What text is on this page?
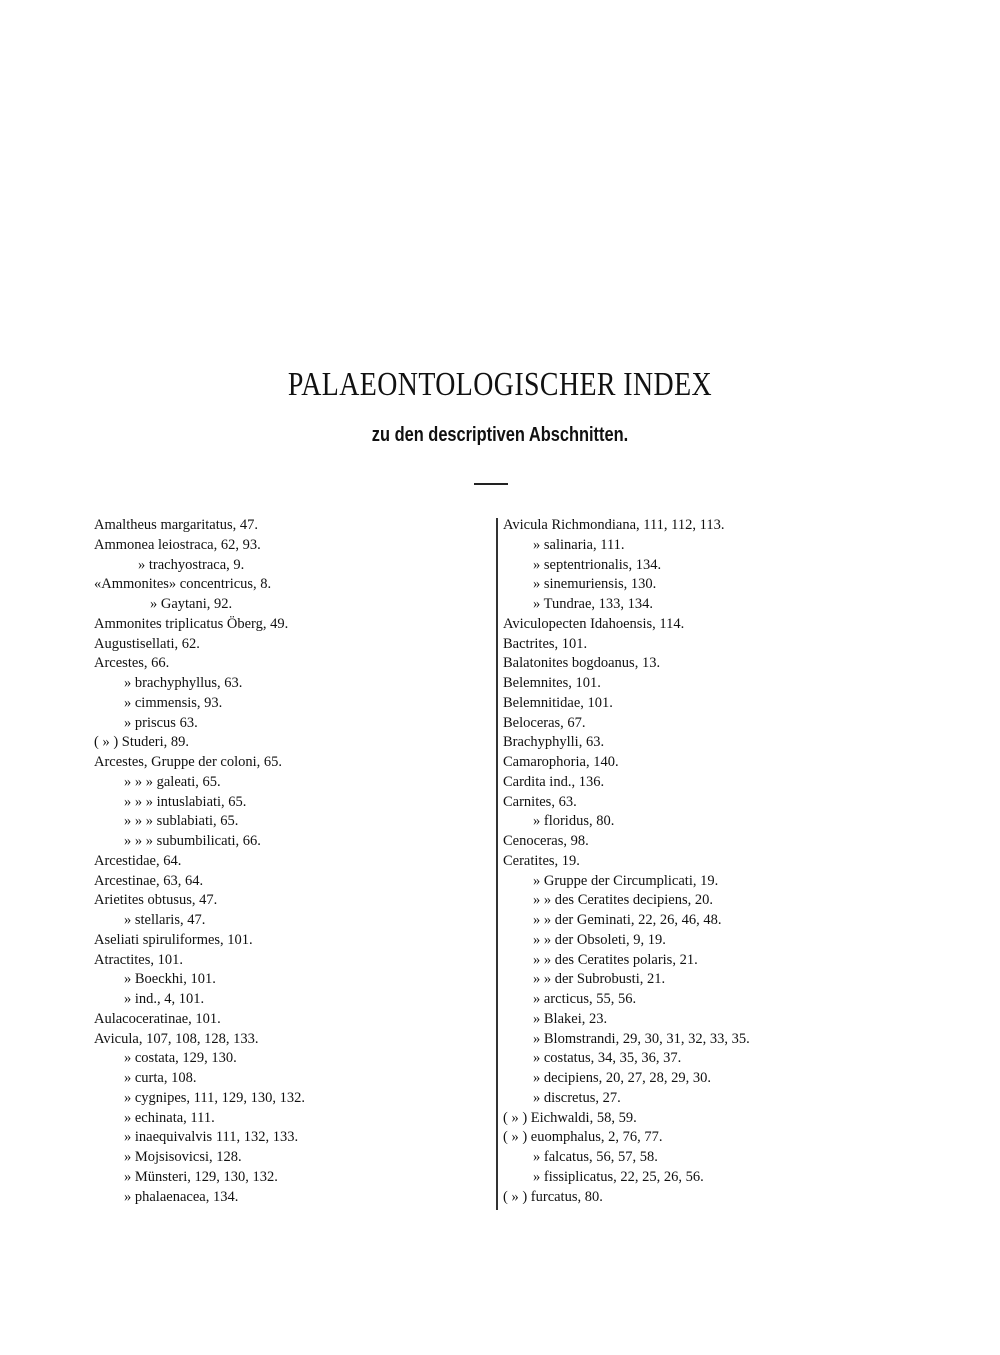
PALAEONTOLOGISCHER INDEX
zu den descriptiven Abschnitten.
Amaltheus margaritatus, 47.
Ammonea leiostraca, 62, 93.
» trachyostraca, 9.
«Ammonites» concentricus, 8.
» Gaytani, 92.
Ammonites triplicatus Öberg, 49.
Augustisellati, 62.
Arcestes, 66.
» brachyphyllus, 63.
» cimmensis, 93.
» priscus 63.
( » ) Studeri, 89.
Arcestes, Gruppe der coloni, 65.
» » » galeati, 65.
» » » intuslabiati, 65.
» » » sublabiati, 65.
» » » subumbilicati, 66.
Arcestidae, 64.
Arcestinae, 63, 64.
Arietites obtusus, 47.
» stellaris, 47.
Aseliati spiruliformes, 101.
Atractites, 101.
» Boeckhi, 101.
» ind., 4, 101.
Aulacoceratinae, 101.
Avicula, 107, 108, 128, 133.
» costata, 129, 130.
» curta, 108.
» cygnipes, 111, 129, 130, 132.
» echinata, 111.
» inaequivalvis 111, 132, 133.
» Mojsisovicsi, 128.
» Münsteri, 129, 130, 132.
» phalaenacea, 134.
Avicula Richmondiana, 111, 112, 113.
» salinaria, 111.
» septentrionalis, 134.
» sinemuriensis, 130.
» Tundrae, 133, 134.
Aviculopecten Idahoensis, 114.
Bactrites, 101.
Balatonites bogdoanus, 13.
Belemnites, 101.
Belemnitidae, 101.
Beloceras, 67.
Brachyphylli, 63.
Camarophoria, 140.
Cardita ind., 136.
Carnites, 63.
» floridus, 80.
Cenoceras, 98.
Ceratites, 19.
» Gruppe der Circumplicati, 19.
» » des Ceratites decipiens, 20.
» » der Geminati, 22, 26, 46, 48.
» » der Obsoleti, 9, 19.
» » des Ceratites polaris, 21.
» » der Subrobusti, 21.
» arcticus, 55, 56.
» Blakei, 23.
» Blomstrandi, 29, 30, 31, 32, 33, 35.
» costatus, 34, 35, 36, 37.
» decipiens, 20, 27, 28, 29, 30.
» discretus, 27.
( » ) Eichwaldi, 58, 59.
( » ) euomphalus, 2, 76, 77.
» falcatus, 56, 57, 58.
» fissiplicatus, 22, 25, 26, 56.
( » ) furcatus, 80.
